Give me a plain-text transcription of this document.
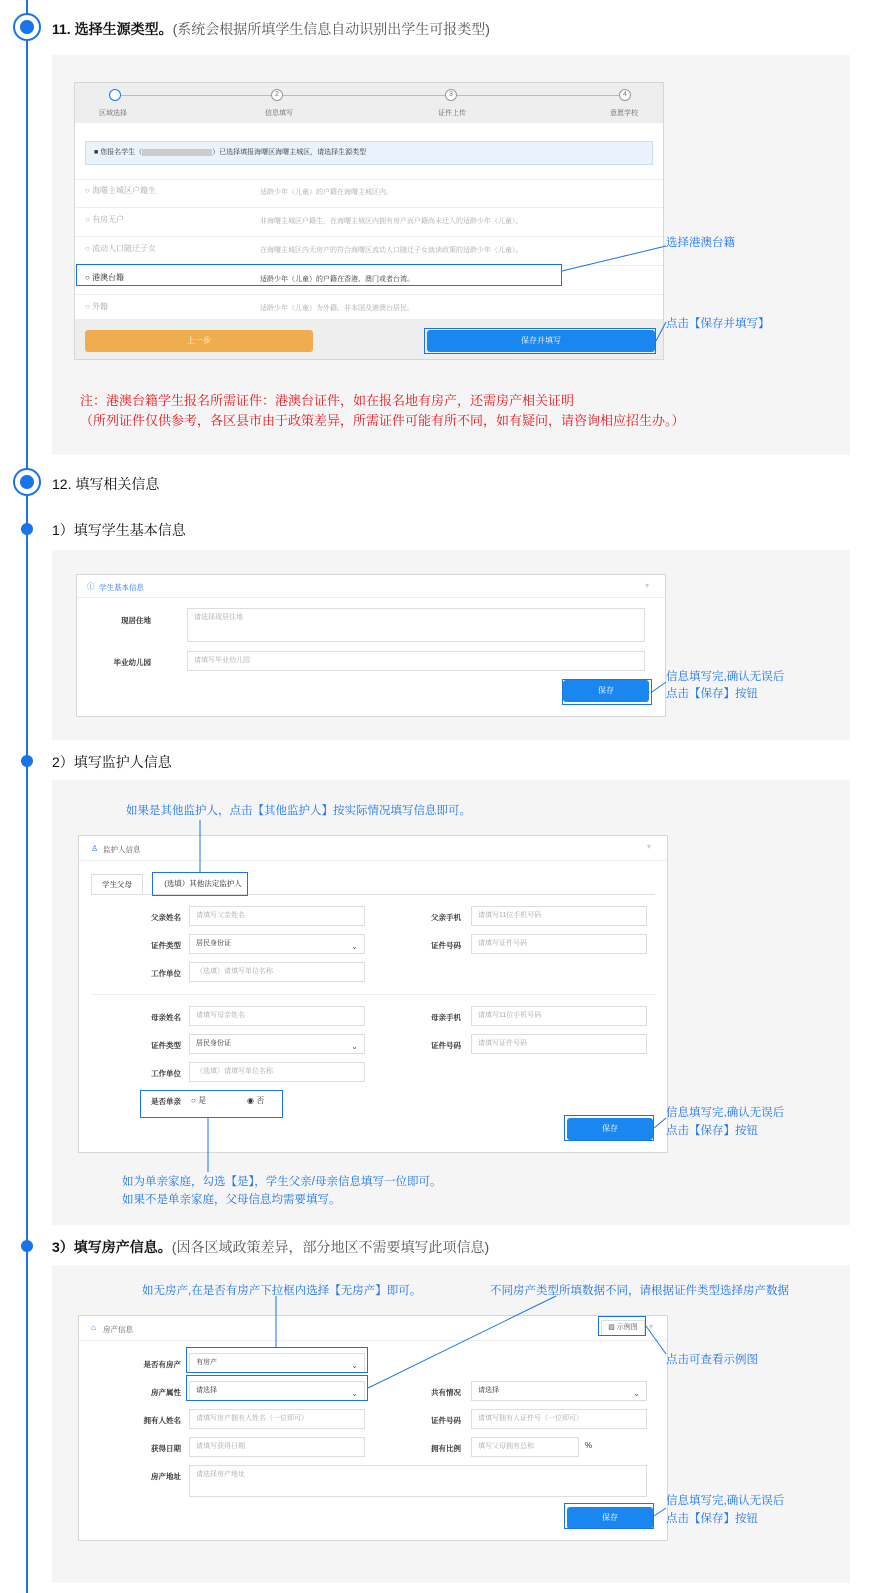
11. 选择生源类型。(系统会根据所填学生信息自动识别出学生可报类型)
2	3	4
区域选择	信息填写	证件上传	意愿学校
■ 您报名学生（	）已选择填报海曙区海曙主城区，请选择生源类型
○ 海曙主城区户籍生	适龄少年（儿童）的户籍在海曙主城区内。
○ 有房无户	非海曙主城区户籍生，在海曙主城区内拥有房产而户籍尚未迁入的适龄少年（儿童）。
○ 流动人口随迁子女	在海曙主城区内无房产的符合海曙区流动人口随迁子女就读政策的适龄少年（儿童）。
○ 港澳台籍	适龄少年（儿童）的户籍在香港、澳门或者台湾。
○ 外籍	适龄少年（儿童）为外籍、非本国及港澳台居民。
上一步	保存并填写
选择港澳台籍
点击【保存并填写】
注：港澳台籍学生报名所需证件：港澳台证件，如在报名地有房产，还需房产相关证明
（所列证件仅供参考，各区县市由于政策差异，所需证件可能有所不同，如有疑问，请咨询相应招生办。）
12. 填写相关信息
1）填写学生基本信息
ⓘ 学生基本信息	▾
现居住地	请选择现居住地
毕业幼儿园	请填写毕业幼儿园
保存
信息填写完,确认无误后
点击【保存】按钮
2）填写监护人信息
如果是其他监护人，点击【其他监护人】按实际情况填写信息即可。
♙ 监护人信息	▾
学生父母	(选填）其他法定监护人
父亲姓名	请填写父亲姓名	父亲手机	请填写11位手机号码
证件类型	居民身份证	⌄	证件号码	请填写证件号码
工作单位	（选填）请填写单位名称
母亲姓名	请填写母亲姓名	母亲手机	请填写11位手机号码
证件类型	居民身份证	⌄	证件号码	请填写证件号码
工作单位	（选填）请填写单位名称
是否单亲 ○ 是	◉ 否
保存
信息填写完,确认无误后
点击【保存】按钮
如为单亲家庭，勾选【是】，学生父亲/母亲信息填写一位即可。
如果不是单亲家庭，父母信息均需要填写。
3）填写房产信息。(因各区域政策差异，部分地区不需要填写此项信息)
如无房产,在是否有房产下拉框内选择【无房产】即可。	不同房产类型所填数据不同，请根据证件类型选择房产数据
⌂ 房产信息	▨ 示例图	▾
是否有房产	有房产	⌄
房产属性	请选择	⌄	共有情况	请选择	⌄
拥有人姓名	请填写房产拥有人姓名（一位即可）	证件号码	请填写拥有人证件号（一位即可）
获得日期	请填写获得日期	拥有比例	填写父母拥有总和	%
房产地址	请选择房产地址
保存
点击可查看示例图
信息填写完,确认无误后
点击【保存】按钮
